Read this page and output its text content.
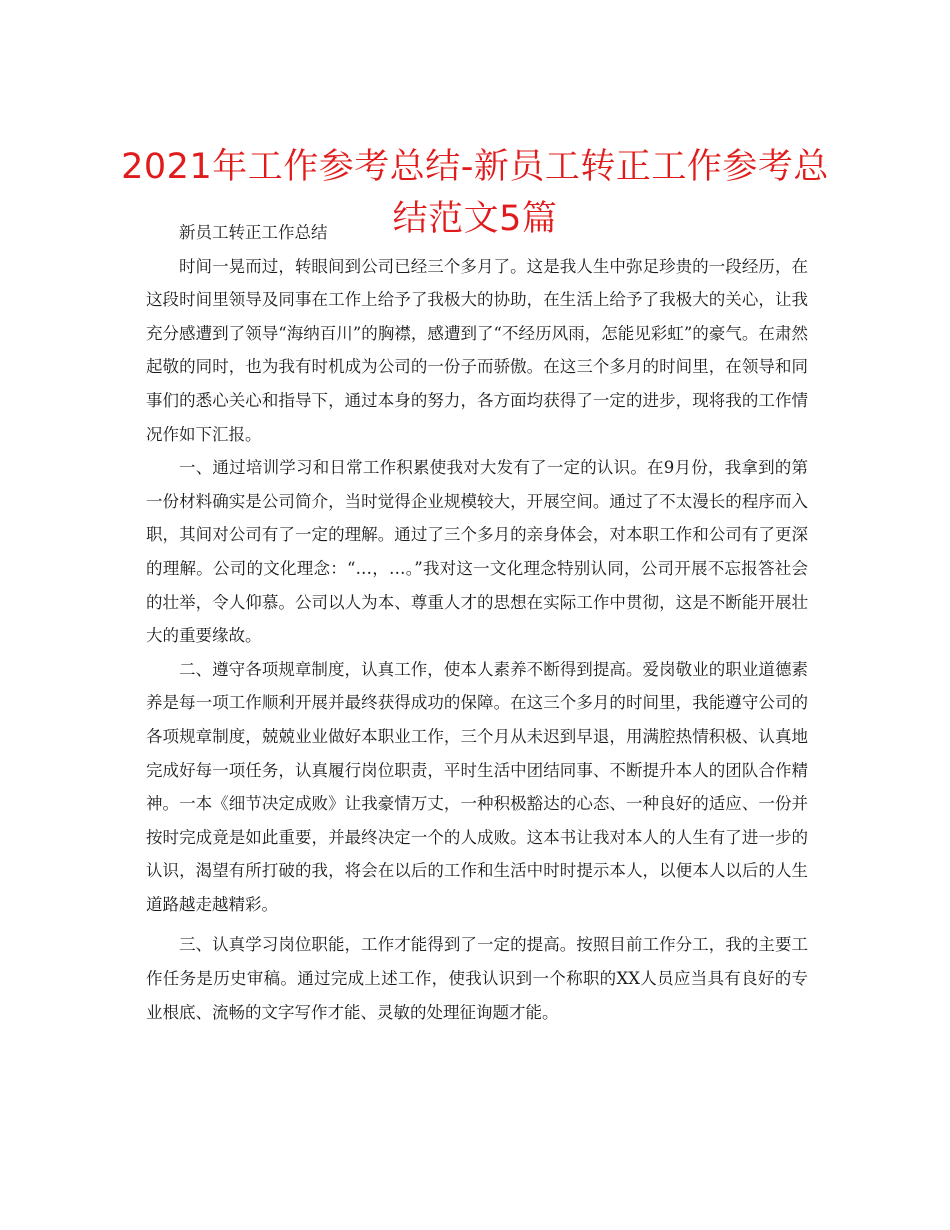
2021年工作参考总结-新员工转正工作参考总结范文5篇

新员工转正工作总结

时间一晃而过，转眼间到公司已经三个多月了。这是我人生中弥足珍贵的一段经历，在这段时间里领导及同事在工作上给予了我极大的协助，在生活上给予了我极大的关心，让我充分感遭到了领导“海纳百川”的胸襟，感遭到了“不经历风雨，怎能见彩虹”的豪气。在肃然起敬的同时，也为我有时机成为公司的一份子而骄傲。在这三个多月的时间里，在领导和同事们的悉心关心和指导下，通过本身的努力，各方面均获得了一定的进步，现将我的工作情况作如下汇报。

一、通过培训学习和日常工作积累使我对大发有了一定的认识。在9月份，我拿到的第一份材料确实是公司简介，当时觉得企业规模较大，开展空间。通过了不太漫长的程序而入职，其间对公司有了一定的理解。通过了三个多月的亲身体会，对本职工作和公司有了更深的理解。公司的文化理念：“…，…。”我对这一文化理念特别认同，公司开展不忘报答社会的壮举，令人仰慕。公司以人为本、尊重人才的思想在实际工作中贯彻，这是不断能开展壮大的重要缘故。

二、遵守各项规章制度，认真工作，使本人素养不断得到提高。爱岗敬业的职业道德素养是每一项工作顺利开展并最终获得成功的保障。在这三个多月的时间里，我能遵守公司的各项规章制度，兢兢业业做好本职业工作，三个月从未迟到早退，用满腔热情积极、认真地完成好每一项任务，认真履行岗位职责，平时生活中团结同事、不断提升本人的团队合作精神。一本《细节决定成败》让我豪情万丈，一种积极豁达的心态、一种良好的适应、一份并按时完成竟是如此重要，并最终决定一个的人成败。这本书让我对本人的人生有了进一步的认识，渴望有所打破的我，将会在以后的工作和生活中时时提示本人，以便本人以后的人生道路越走越精彩。

三、认真学习岗位职能，工作才能得到了一定的提高。按照目前工作分工，我的主要工作任务是历史审稿。通过完成上述工作，使我认识到一个称职的XX人员应当具有良好的专业根底、流畅的文字写作才能、灵敏的处理征询题才能。
